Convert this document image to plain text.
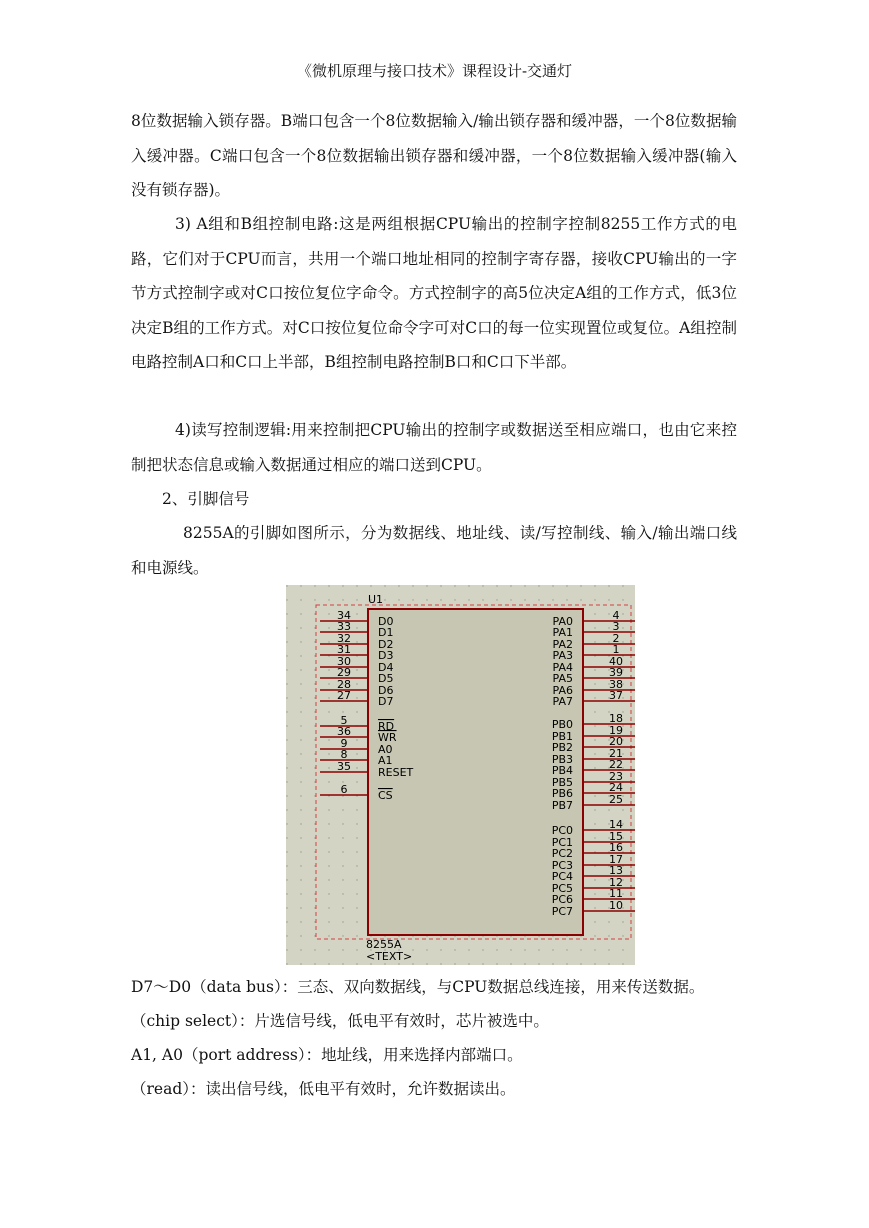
《微机原理与接口技术》课程设计-交通灯

8位数据输入锁存器。B端口包含一个8位数据输入/输出锁存器和缓冲器，一个8位数据输入缓冲器。C端口包含一个8位数据输出锁存器和缓冲器，一个8位数据输入缓冲器(输入没有锁存器)。

3) A组和B组控制电路:这是两组根据CPU输出的控制字控制8255工作方式的电路，它们对于CPU而言，共用一个端口地址相同的控制字寄存器，接收CPU输出的一字节方式控制字或对C口按位复位字命令。方式控制字的高5位决定A组的工作方式，低3位决定B组的工作方式。对C口按位复位命令字可对C口的每一位实现置位或复位。A组控制电路控制A口和C口上半部，B组控制电路控制B口和C口下半部。

4)读写控制逻辑:用来控制把CPU输出的控制字或数据送至相应端口，也由它来控制把状态信息或输入数据通过相应的端口送到CPU。

2、引脚信号

8255A的引脚如图所示，分为数据线、地址线、读/写控制线、输入/输出端口线和电源线。

U1
8255A
<TEXT>
34 D0
33 D1
32 D2
31 D3
30 D4
29 D5
28 D6
27 D7
5	RD
36 WR
9	A0
8	A1
35 RESET
6	CS
4
PA0	3
PA1	2
PA2	1
PA3	40
PA4	39
PA5	38
PA6	37
PA7
18
PB0	19
PB1	20
PB2	21
PB3	22
PB4	23
PB5	24
PB6	25
PB7
14
PC0	15
PC1	16
PC2	17
PC3	13
PC4	12
PC5	11
PC6	10
PC7

D7～D0（data bus）：三态、双向数据线，与CPU数据总线连接，用来传送数据。

（chip select）：片选信号线，低电平有效时，芯片被选中。

A1, A0（port address）：地址线，用来选择内部端口。

（read）：读出信号线，低电平有效时，允许数据读出。
